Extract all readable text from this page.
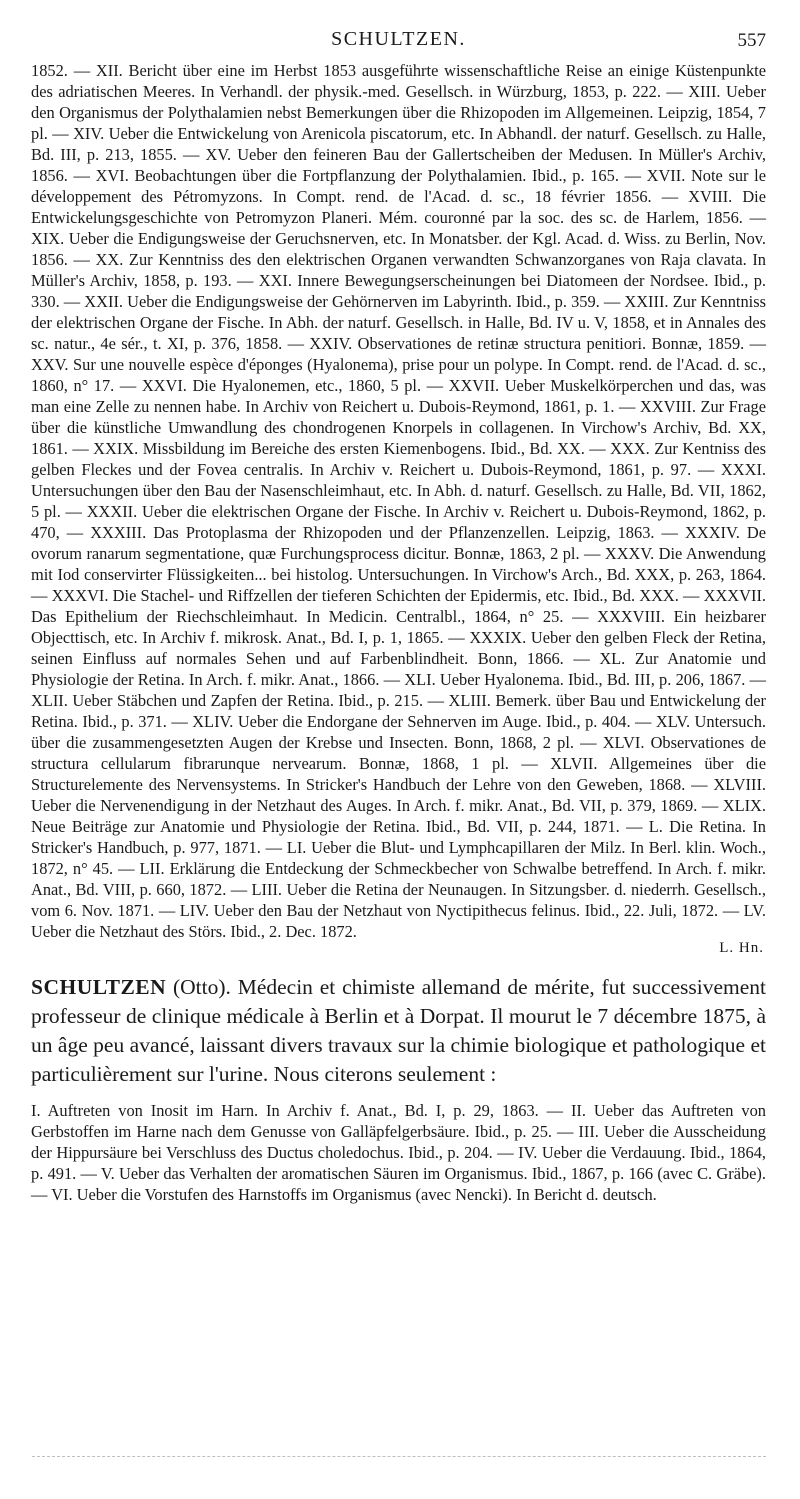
SCHULTZEN.	557

1852. — XII. Bericht über eine im Herbst 1853 ausgeführte wissenschaftliche Reise an einige Küstenpunkte des adriatischen Meeres. In Verhandl. der physik.-med. Gesellsch. in Würzburg, 1853, p. 222. — XIII. Ueber den Organismus der Polythalamien nebst Bemerkungen über die Rhizopoden im Allgemeinen. Leipzig, 1854, 7 pl. — XIV. Ueber die Entwickelung von Arenicola piscatorum, etc. In Abhandl. der naturf. Gesellsch. zu Halle, Bd. III, p. 213, 1855. — XV. Ueber den feineren Bau der Gallertscheiben der Medusen. In Müller's Archiv, 1856. — XVI. Beobachtungen über die Fortpflanzung der Polythalamien. Ibid., p. 165. — XVII. Note sur le développement des Pétromyzons. In Compt. rend. de l'Acad. d. sc., 18 février 1856. — XVIII. Die Entwickelungsgeschichte von Petromyzon Planeri. Mém. couronné par la soc. des sc. de Harlem, 1856. — XIX. Ueber die Endigungsweise der Geruchsnerven, etc. In Monatsber. der Kgl. Acad. d. Wiss. zu Berlin, Nov. 1856. — XX. Zur Kenntniss des den elektrischen Organen verwandten Schwanzorganes von Raja clavata. In Müller's Archiv, 1858, p. 193. — XXI. Innere Bewegungserscheinungen bei Diatomeen der Nordsee. Ibid., p. 330. — XXII. Ueber die Endigungsweise der Gehörnerven im Labyrinth. Ibid., p. 359. — XXIII. Zur Kenntniss der elektrischen Organe der Fische. In Abh. der naturf. Gesellsch. in Halle, Bd. IV u. V, 1858, et in Annales des sc. natur., 4e sér., t. XI, p. 376, 1858. — XXIV. Observationes de retinæ structura penitiori. Bonnæ, 1859. — XXV. Sur une nouvelle espèce d'éponges (Hyalonema), prise pour un polype. In Compt. rend. de l'Acad. d. sc., 1860, n° 17. — XXVI. Die Hyalonemen, etc., 1860, 5 pl. — XXVII. Ueber Muskelkörperchen und das, was man eine Zelle zu nennen habe. In Archiv von Reichert u. Dubois-Reymond, 1861, p. 1. — XXVIII. Zur Frage über die künstliche Umwandlung des chondrogenen Knorpels in collagenen. In Virchow's Archiv, Bd. XX, 1861. — XXIX. Missbildung im Bereiche des ersten Kiemenbogens. Ibid., Bd. XX. — XXX. Zur Kentniss des gelben Fleckes und der Fovea centralis. In Archiv v. Reichert u. Dubois-Reymond, 1861, p. 97. — XXXI. Untersuchungen über den Bau der Nasenschleimhaut, etc. In Abh. d. naturf. Gesellsch. zu Halle, Bd. VII, 1862, 5 pl. — XXXII. Ueber die elektrischen Organe der Fische. In Archiv v. Reichert u. Dubois-Reymond, 1862, p. 470, — XXXIII. Das Protoplasma der Rhizopoden und der Pflanzenzellen. Leipzig, 1863. — XXXIV. De ovorum ranarum segmentatione, quæ Furchungsprocess dicitur. Bonnæ, 1863, 2 pl. — XXXV. Die Anwendung mit Iod conservirter Flüssigkeiten... bei histolog. Untersuchungen. In Virchow's Arch., Bd. XXX, p. 263, 1864. — XXXVI. Die Stachel- und Riffzellen der tieferen Schichten der Epidermis, etc. Ibid., Bd. XXX. — XXXVII. Das Epithelium der Riechschleimhaut. In Medicin. Centralbl., 1864, n° 25. — XXXVIII. Ein heizbarer Objecttisch, etc. In Archiv f. mikrosk. Anat., Bd. I, p. 1, 1865. — XXXIX. Ueber den gelben Fleck der Retina, seinen Einfluss auf normales Sehen und auf Farbenblindheit. Bonn, 1866. — XL. Zur Anatomie und Physiologie der Retina. In Arch. f. mikr. Anat., 1866. — XLI. Ueber Hyalonema. Ibid., Bd. III, p. 206, 1867. — XLII. Ueber Stäbchen und Zapfen der Retina. Ibid., p. 215. — XLIII. Bemerk. über Bau und Entwickelung der Retina. Ibid., p. 371. — XLIV. Ueber die Endorgane der Sehnerven im Auge. Ibid., p. 404. — XLV. Untersuch. über die zusammengesetzten Augen der Krebse und Insecten. Bonn, 1868, 2 pl. — XLVI. Observationes de structura cellularum fibrarunque nervearum. Bonnæ, 1868, 1 pl. — XLVII. Allgemeines über die Structurelemente des Nervensystems. In Stricker's Handbuch der Lehre von den Geweben, 1868. — XLVIII. Ueber die Nervenendigung in der Netzhaut des Auges. In Arch. f. mikr. Anat., Bd. VII, p. 379, 1869. — XLIX. Neue Beiträge zur Anatomie und Physiologie der Retina. Ibid., Bd. VII, p. 244, 1871. — L. Die Retina. In Stricker's Handbuch, p. 977, 1871. — LI. Ueber die Blut- und Lymphcapillaren der Milz. In Berl. klin. Woch., 1872, n° 45. — LII. Erklärung die Entdeckung der Schmeckbecher von Schwalbe betreffend. In Arch. f. mikr. Anat., Bd. VIII, p. 660, 1872. — LIII. Ueber die Retina der Neunaugen. In Sitzungsber. d. niederrh. Gesellsch., vom 6. Nov. 1871. — LIV. Ueber den Bau der Netzhaut von Nyctipithecus felinus. Ibid., 22. Juli, 1872. — LV. Ueber die Netzhaut des Störs. Ibid., 2. Dec. 1872.

L. Hn.

SCHULTZEN (Otto). Médecin et chimiste allemand de mérite, fut successivement professeur de clinique médicale à Berlin et à Dorpat. Il mourut le 7 décembre 1875, à un âge peu avancé, laissant divers travaux sur la chimie biologique et pathologique et particulièrement sur l'urine. Nous citerons seulement :

I. Auftreten von Inosit im Harn. In Archiv f. Anat., Bd. I, p. 29, 1863. — II. Ueber das Auftreten von Gerbstoffen im Harne nach dem Genusse von Galläpfelgerbsäure. Ibid., p. 25. — III. Ueber die Ausscheidung der Hippursäure bei Verschluss des Ductus choledochus. Ibid., p. 204. — IV. Ueber die Verdauung. Ibid., 1864, p. 491. — V. Ueber das Verhalten der aromatischen Säuren im Organismus. Ibid., 1867, p. 166 (avec C. Gräbe). — VI. Ueber die Vorstufen des Harnstoffs im Organismus (avec Nencki). In Bericht d. deutsch.
